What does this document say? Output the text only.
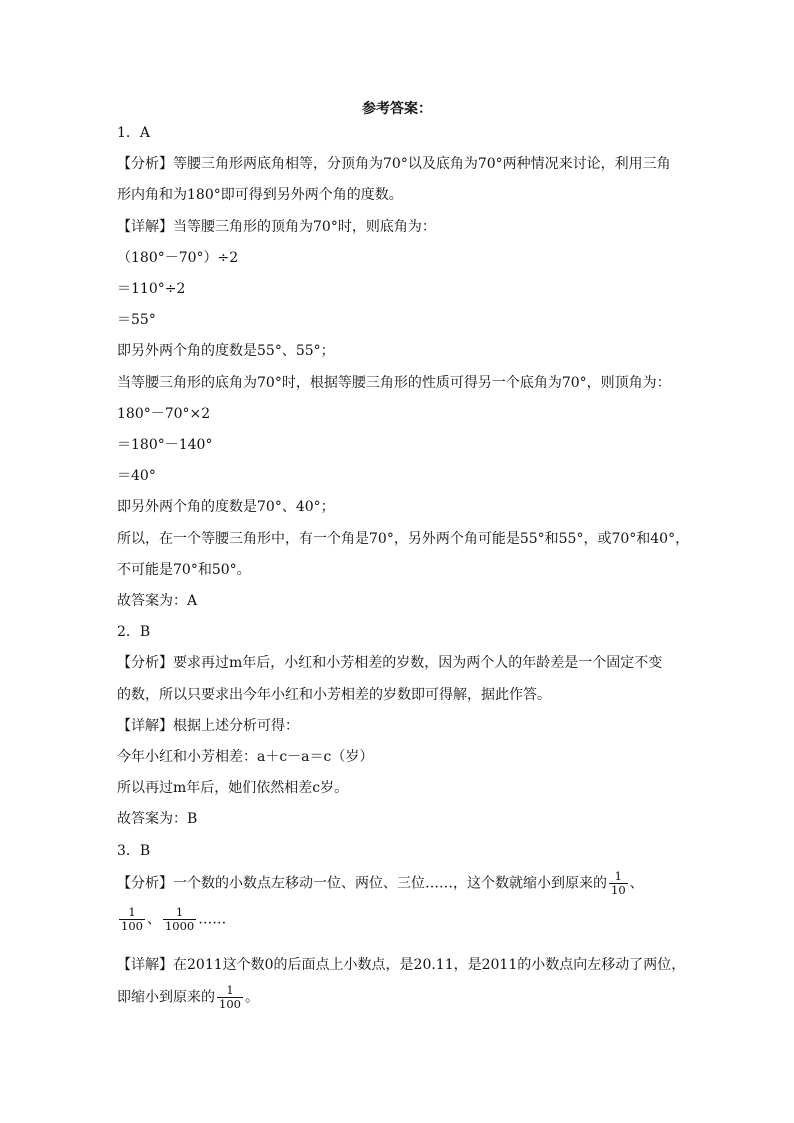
参考答案：
1．A
【分析】等腰三角形两底角相等，分顶角为70°以及底角为70°两种情况来讨论，利用三角
形内角和为180°即可得到另外两个角的度数。
【详解】当等腰三角形的顶角为70°时，则底角为：
（180°－70°）÷2
＝110°÷2
＝55°
即另外两个角的度数是55°、55°；
当等腰三角形的底角为70°时，根据等腰三角形的性质可得另一个底角为70°，则顶角为：
180°－70°×2
＝180°－140°
＝40°
即另外两个角的度数是70°、40°；
所以，在一个等腰三角形中，有一个角是70°，另外两个角可能是55°和55°，或70°和40°，
不可能是70°和50°。
故答案为：A
2．B
【分析】要求再过m年后，小红和小芳相差的岁数，因为两个人的年龄差是一个固定不变
的数，所以只要求出今年小红和小芳相差的岁数即可得解，据此作答。
【详解】根据上述分析可得：
今年小红和小芳相差：a＋c－a＝c（岁）
所以再过m年后，她们依然相差c岁。
故答案为：B
3．B
【分析】一个数的小数点左移动一位、两位、三位……，这个数就缩小到原来的 $\frac{1}{10}$ 、
$\frac{1}{100}$ 、 $\frac{1}{1000}$ ……
【详解】在2011这个数0的后面点上小数点，是20.11，是2011的小数点向左移动了两位，
即缩小到原来的 $\frac{1}{100}$ 。
